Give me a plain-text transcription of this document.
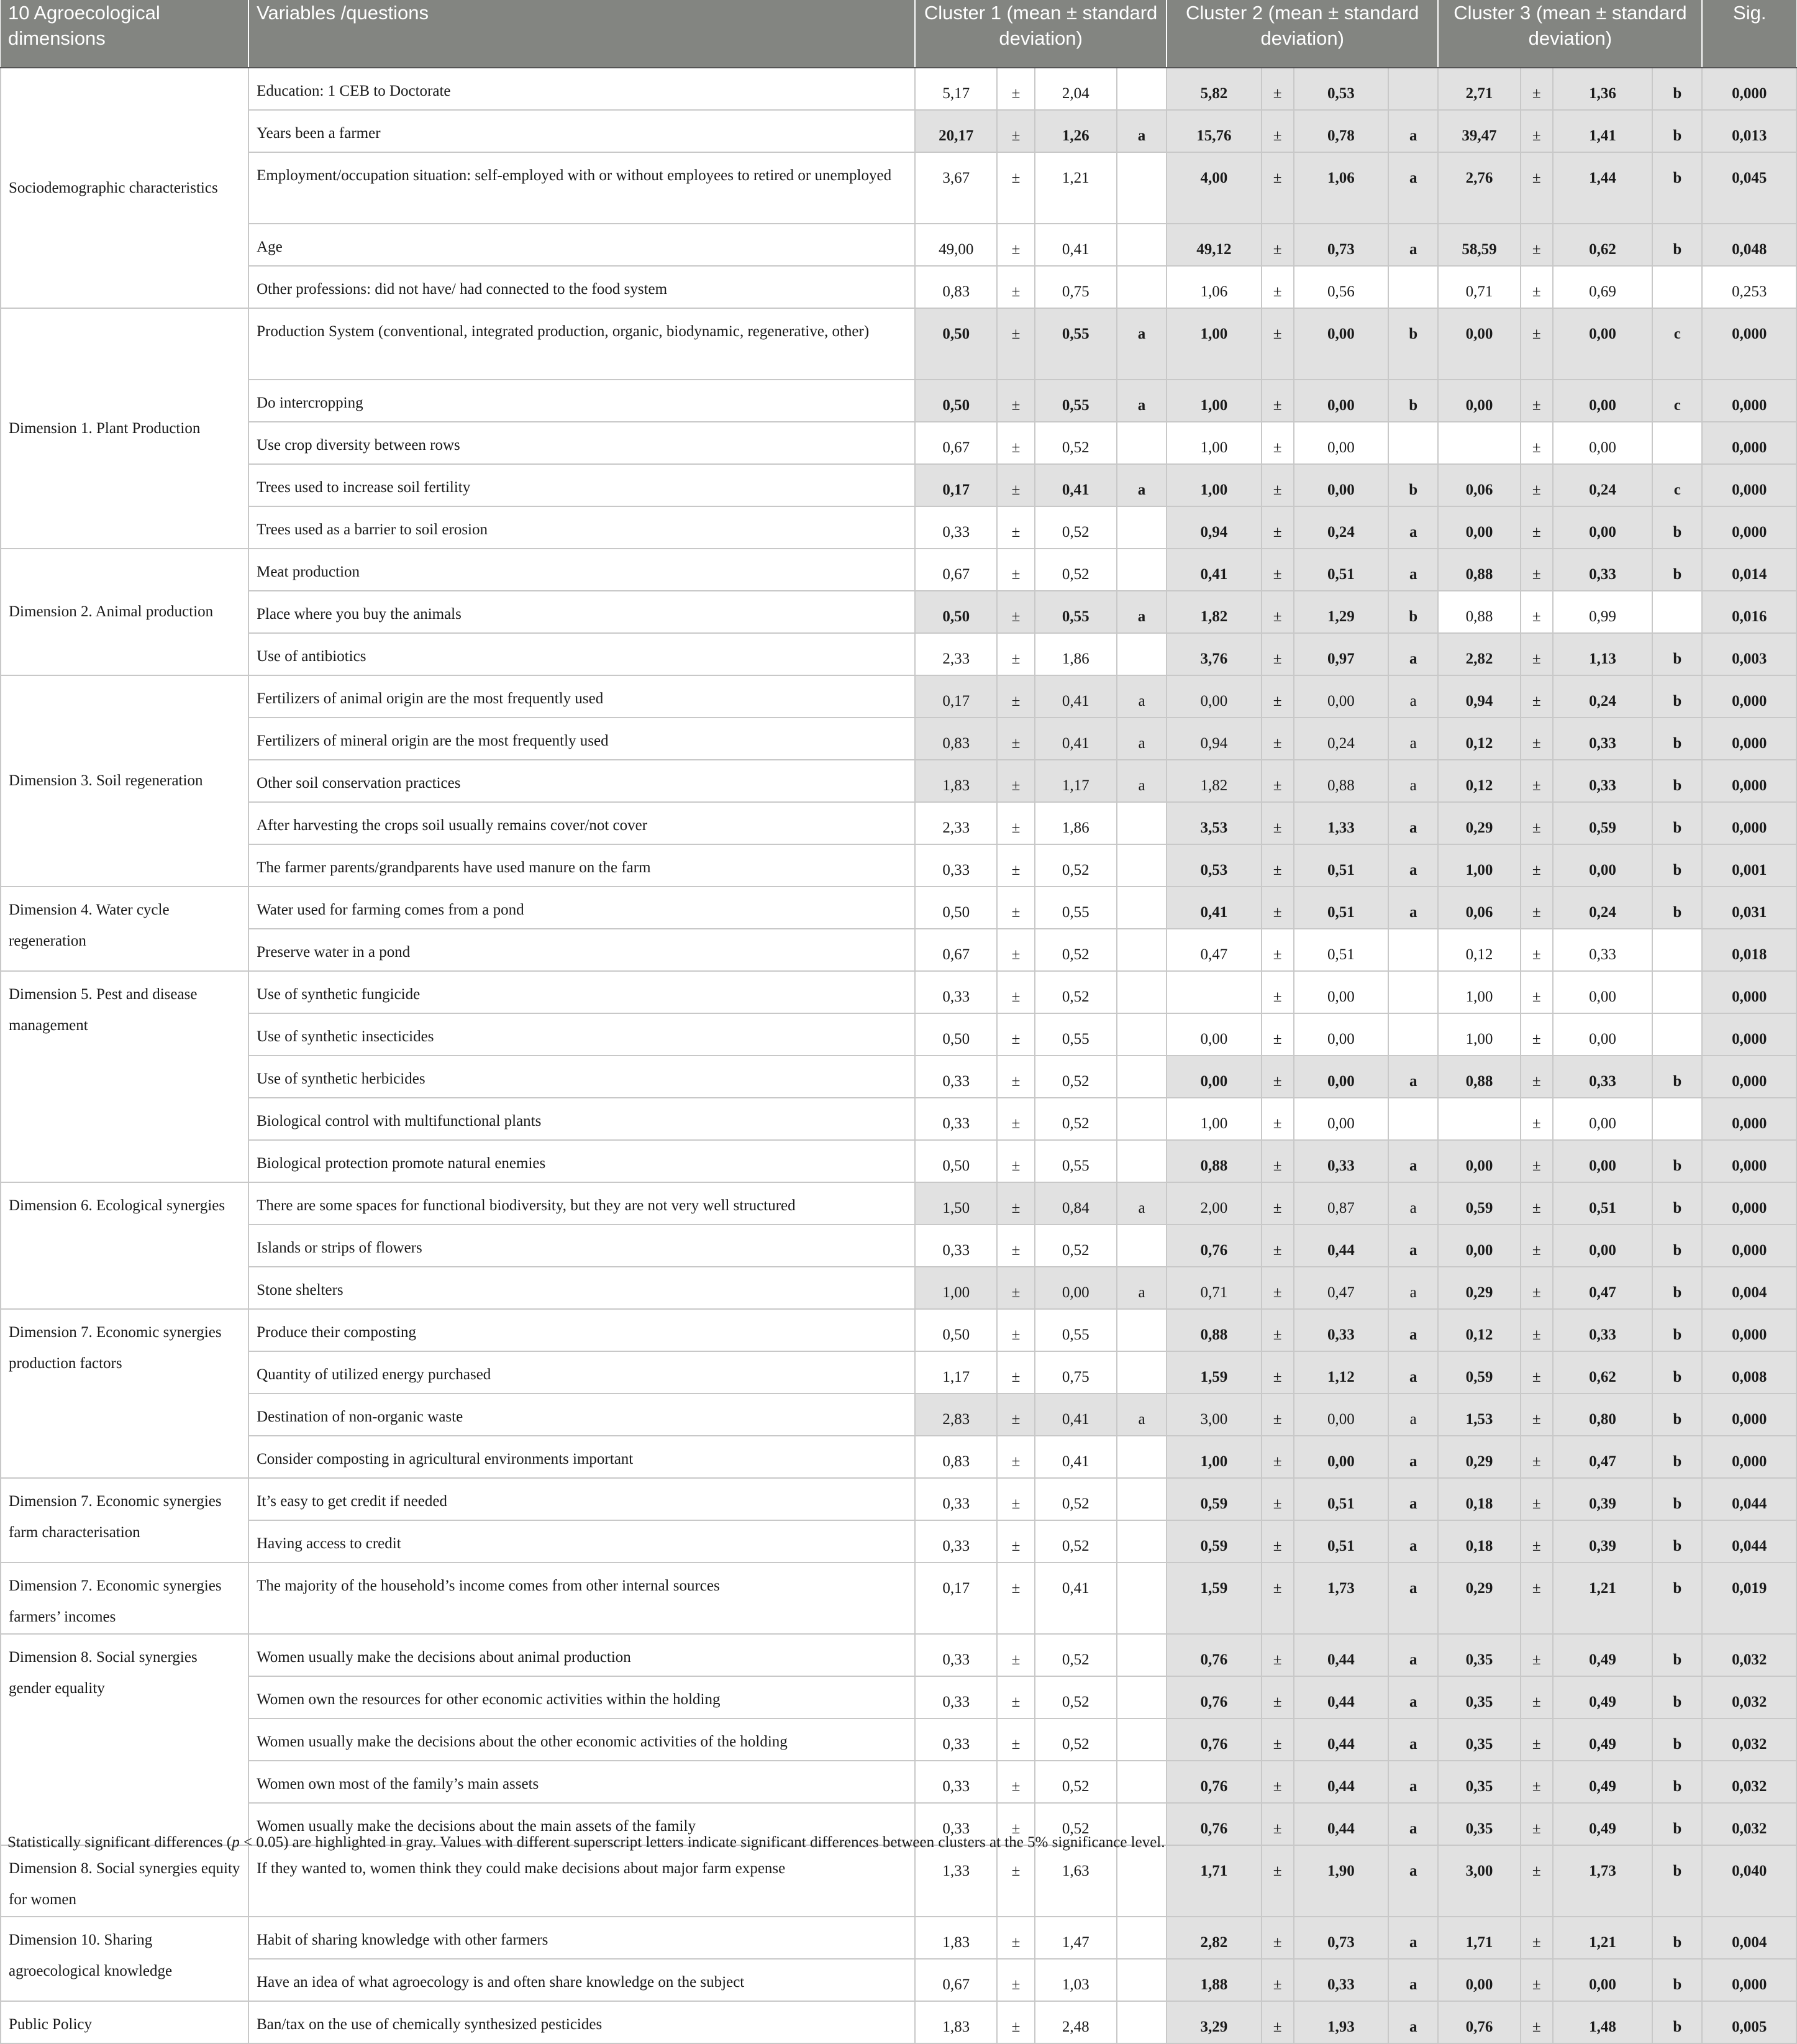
10 Agroecological dimensions	Variables /questions	Cluster 1 (mean ± standard deviation)				Cluster 2 (mean ± standard deviation)				Cluster 3 (mean ± standard deviation)				Sig.
Sociodemographic characteristics	Education: 1 CEB to Doctorate	5,17	±	2,04		5,82	±	0,53		2,71	±	1,36	b	0,000
	Years been a farmer	20,17	±	1,26	a	15,76	±	0,78	a	39,47	±	1,41	b	0,013
	Employment/occupation situation: self-employed with or without employees to retired or unemployed	3,67	±	1,21		4,00	±	1,06	a	2,76	±	1,44	b	0,045
	Age	49,00	±	0,41		49,12	±	0,73	a	58,59	±	0,62	b	0,048
	Other professions: did not have/ had connected to the food system	0,83	±	0,75		1,06	±	0,56		0,71	±	0,69		0,253
Dimension 1. Plant Production	Production System (conventional, integrated production, organic, biodynamic, regenerative, other)	0,50	±	0,55	a	1,00	±	0,00	b	0,00	±	0,00	c	0,000
	Do intercropping	0,50	±	0,55	a	1,00	±	0,00	b	0,00	±	0,00	c	0,000
	Use crop diversity between rows	0,67	±	0,52		1,00	±	0,00			±	0,00		0,000
	Trees used to increase soil fertility	0,17	±	0,41	a	1,00	±	0,00	b	0,06	±	0,24	c	0,000
	Trees used as a barrier to soil erosion	0,33	±	0,52		0,94	±	0,24	a	0,00	±	0,00	b	0,000
Dimension 2. Animal production	Meat production	0,67	±	0,52		0,41	±	0,51	a	0,88	±	0,33	b	0,014
	Place where you buy the animals	0,50	±	0,55	a	1,82	±	1,29	b	0,88	±	0,99		0,016
	Use of antibiotics	2,33	±	1,86		3,76	±	0,97	a	2,82	±	1,13	b	0,003
Dimension 3. Soil regeneration	Fertilizers of animal origin are the most frequently used	0,17	±	0,41	a	0,00	±	0,00	a	0,94	±	0,24	b	0,000
	Fertilizers of mineral origin are the most frequently used	0,83	±	0,41	a	0,94	±	0,24	a	0,12	±	0,33	b	0,000
	Other soil conservation practices	1,83	±	1,17	a	1,82	±	0,88	a	0,12	±	0,33	b	0,000
	After harvesting the crops soil usually remains cover/not cover	2,33	±	1,86		3,53	±	1,33	a	0,29	±	0,59	b	0,000
	The farmer parents/grandparents have used manure on the farm	0,33	±	0,52		0,53	±	0,51	a	1,00	±	0,00	b	0,001
Dimension 4. Water cycle regeneration	Water used for farming comes from a pond	0,50	±	0,55		0,41	±	0,51	a	0,06	±	0,24	b	0,031
	Preserve water in a pond	0,67	±	0,52		0,47	±	0,51		0,12	±	0,33		0,018
Dimension 5. Pest and disease management	Use of synthetic fungicide	0,33	±	0,52			±	0,00		1,00	±	0,00		0,000
	Use of synthetic insecticides	0,50	±	0,55		0,00	±	0,00		1,00	±	0,00		0,000
	Use of synthetic herbicides	0,33	±	0,52		0,00	±	0,00	a	0,88	±	0,33	b	0,000
	Biological control with multifunctional plants	0,33	±	0,52		1,00	±	0,00			±	0,00		0,000
	Biological protection promote natural enemies	0,50	±	0,55		0,88	±	0,33	a	0,00	±	0,00	b	0,000
Dimension 6. Ecological synergies	There are some spaces for functional biodiversity, but they are not very well structured	1,50	±	0,84	a	2,00	±	0,87	a	0,59	±	0,51	b	0,000
	Islands or strips of flowers	0,33	±	0,52		0,76	±	0,44	a	0,00	±	0,00	b	0,000
	Stone shelters	1,00	±	0,00	a	0,71	±	0,47	a	0,29	±	0,47	b	0,004
Dimension 7. Economic synergies production factors	Produce their composting	0,50	±	0,55		0,88	±	0,33	a	0,12	±	0,33	b	0,000
	Quantity of utilized energy purchased	1,17	±	0,75		1,59	±	1,12	a	0,59	±	0,62	b	0,008
	Destination of non-organic waste	2,83	±	0,41	a	3,00	±	0,00	a	1,53	±	0,80	b	0,000
	Consider composting in agricultural environments important	0,83	±	0,41		1,00	±	0,00	a	0,29	±	0,47	b	0,000
Dimension 7. Economic synergies farm characterisation	It’s easy to get credit if needed	0,33	±	0,52		0,59	±	0,51	a	0,18	±	0,39	b	0,044
	Having access to credit	0,33	±	0,52		0,59	±	0,51	a	0,18	±	0,39	b	0,044
Dimension 7. Economic synergies farmers’ incomes	The majority of the household’s income comes from other internal sources	0,17	±	0,41		1,59	±	1,73	a	0,29	±	1,21	b	0,019
Dimension 8. Social synergies gender equality	Women usually make the decisions about animal production	0,33	±	0,52		0,76	±	0,44	a	0,35	±	0,49	b	0,032
	Women own the resources for other economic activities within the holding	0,33	±	0,52		0,76	±	0,44	a	0,35	±	0,49	b	0,032
	Women usually make the decisions about the other economic activities of the holding	0,33	±	0,52		0,76	±	0,44	a	0,35	±	0,49	b	0,032
	Women own most of the family’s main assets	0,33	±	0,52		0,76	±	0,44	a	0,35	±	0,49	b	0,032
	Women usually make the decisions about the main assets of the family	0,33	±	0,52		0,76	±	0,44	a	0,35	±	0,49	b	0,032
Dimension 8. Social synergies equity for women	If they wanted to, women think they could make decisions about major farm expense	1,33	±	1,63		1,71	±	1,90	a	3,00	±	1,73	b	0,040
Dimension 10. Sharing agroecological knowledge	Habit of sharing knowledge with other farmers	1,83	±	1,47		2,82	±	0,73	a	1,71	±	1,21	b	0,004
	Have an idea of what agroecology is and often share knowledge on the subject	0,67	±	1,03		1,88	±	0,33	a	0,00	±	0,00	b	0,000
Public Policy	Ban/tax on the use of chemically synthesized pesticides	1,83	±	2,48		3,29	±	1,93	a	0,76	±	1,48	b	0,005
Statistically significant differences (p < 0.05) are highlighted in gray. Values with different superscript letters indicate significant differences between clusters at the 5% significance level.
